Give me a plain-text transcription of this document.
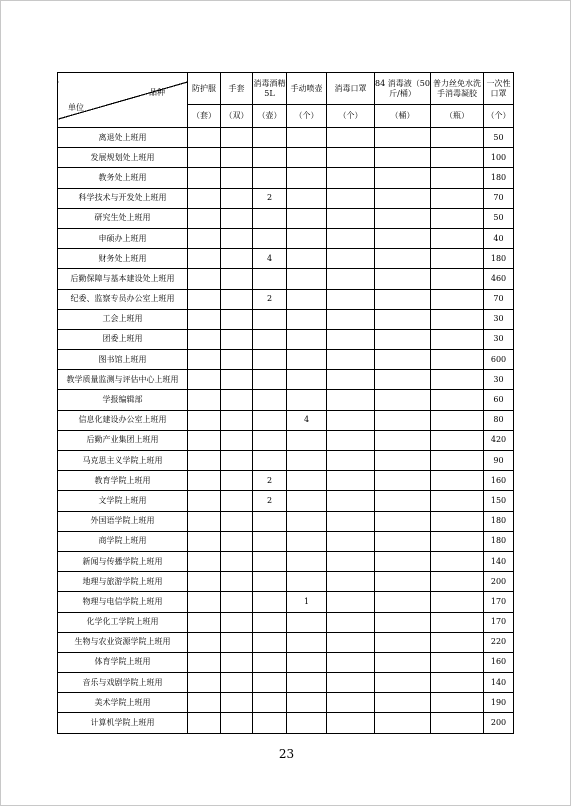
品种
单位	防护服	手套	消毒酒精 5L	手动喷壶	消毒口罩	84 消毒液（50 斤/桶）	普力丝免水洗手消毒凝胶	一次性口罩
	（套）	（双）	（壶）	（个）	（个）	（桶）	（瓶）	（个）
离退处上班用								50
发展规划处上班用								100
教务处上班用								180
科学技术与开发处上班用			2					70
研究生处上班用								50
申硕办上班用								40
财务处上班用			4					180
后勤保障与基本建设处上班用								460
纪委、监察专员办公室上班用			2					70
工会上班用								30
团委上班用								30
图书馆上班用								600
教学质量监测与评估中心上班用								30
学报编辑部								60
信息化建设办公室上班用				4				80
后勤产业集团上班用								420
马克思主义学院上班用								90
教育学院上班用			2					160
文学院上班用			2					150
外国语学院上班用								180
商学院上班用								180
新闻与传播学院上班用								140
地理与旅游学院上班用								200
物理与电信学院上班用				1				170
化学化工学院上班用								170
生物与农业资源学院上班用								220
体育学院上班用								160
音乐与戏剧学院上班用								140
美术学院上班用								190
计算机学院上班用								200
23
